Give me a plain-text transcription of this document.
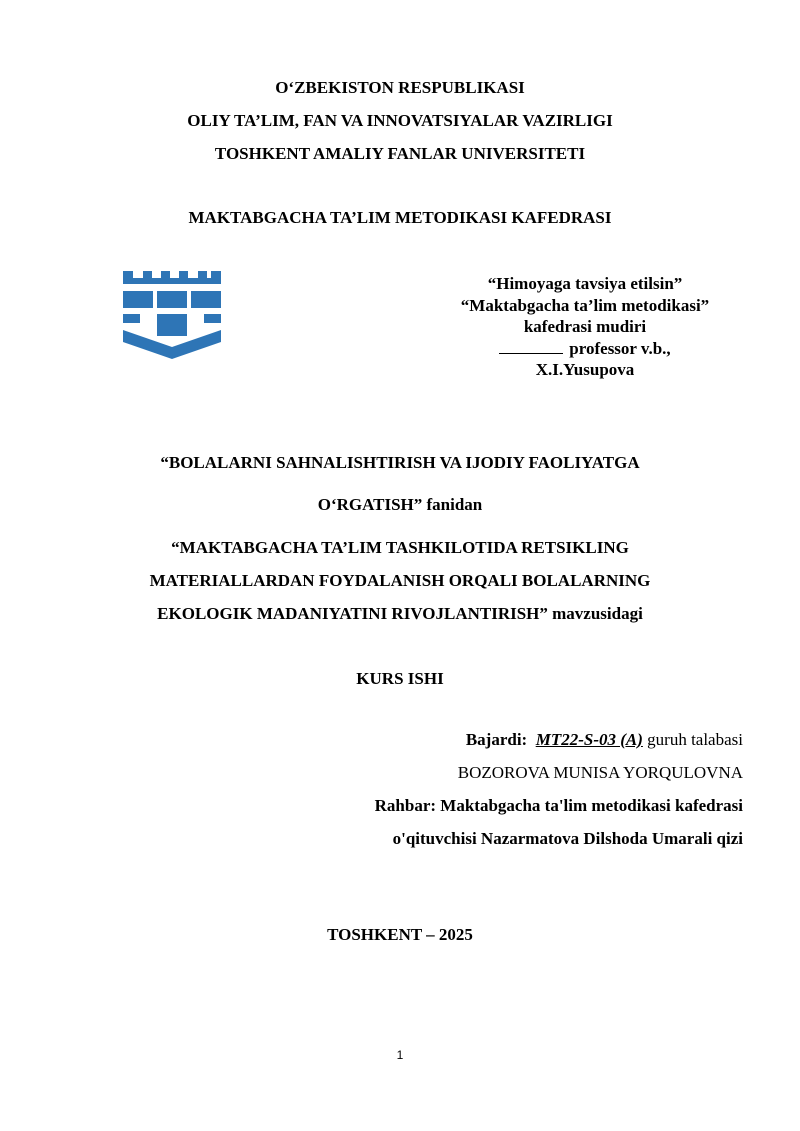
O‘ZBEKISTON RESPUBLIKASI
OLIY TA’LIM, FAN VA INNOVATSIYALAR VAZIRLIGI
TOSHKENT AMALIY FANLAR UNIVERSITETI
MAKTABGACHA TA’LIM METODIKASI KAFEDRASI
“Himoyaga tavsiya etilsin”
“Maktabgacha ta’lim metodikasi”
kafedrasi mudiri
professor v.b.,
X.I.Yusupova
“BOLALARNI SAHNALISHTIRISH VA IJODIY FAOLIYATGA
O‘RGATISH” fanidan
“MAKTABGACHA TA’LIM TASHKILOTIDA RETSIKLING
MATERIALLARDAN FOYDALANISH ORQALI BOLALARNING
EKOLOGIK MADANIYATINI RIVOJLANTIRISH” mavzusidagi
KURS ISHI
Bajardi: MT22-S-03 (A) guruh talabasi
BOZOROVA MUNISA YORQULOVNA
Rahbar: Maktabgacha ta'lim metodikasi kafedrasi
o'qituvchisi Nazarmatova Dilshoda Umarali qizi
TOSHKENT – 2025
1
